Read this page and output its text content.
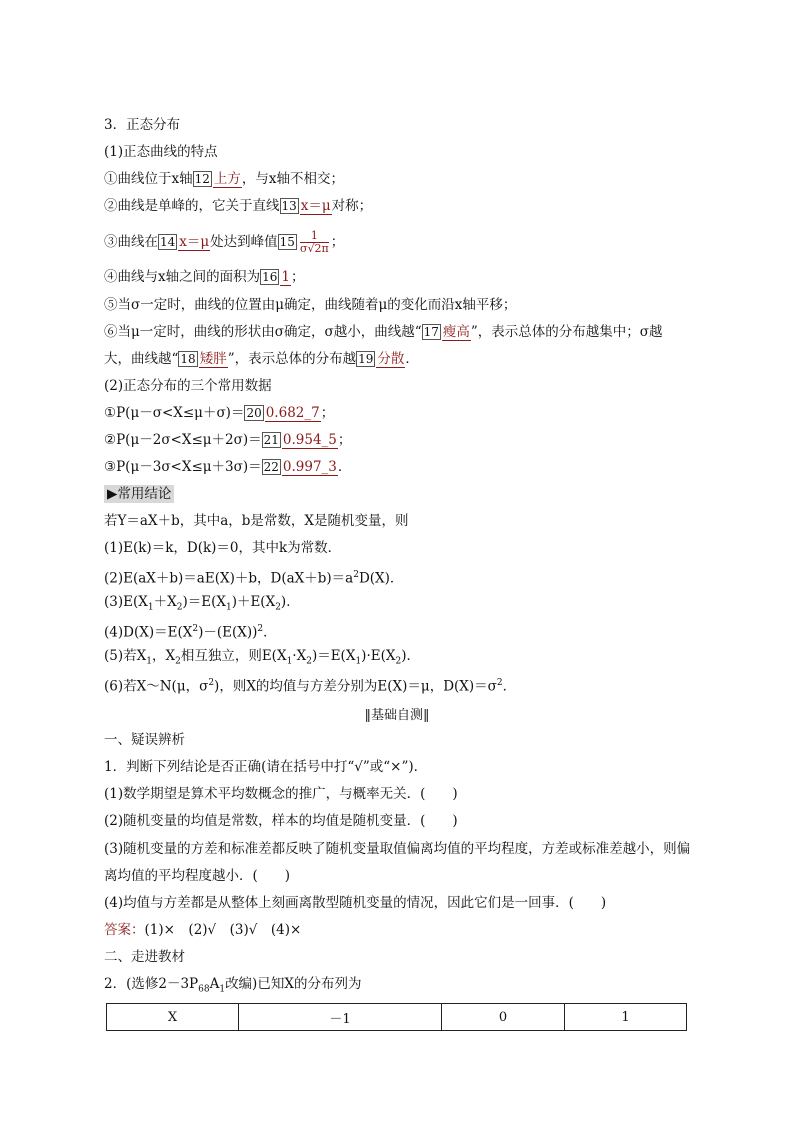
3．正态分布
(1)正态曲线的特点
①曲线位于x轴 12 上方，与x轴不相交；
②曲线是单峰的，它关于直线 13 x＝μ对称；
③曲线在 14 x＝μ处达到峰值 $15 \frac{1}{\sigma√2\pi}$ ；
④曲线与x轴之间的面积为 16 1；
⑤当σ一定时，曲线的位置由μ确定，曲线随着μ的变化而沿x轴平移；
⑥当μ一定时，曲线的形状由σ确定，σ越小，曲线越“ 17 瘦高”，表示总体的分布越集中；σ越
大，曲线越“ 18 矮胖”，表示总体的分布越 19 分散．
(2)正态分布的三个常用数据
①P(μ－σ<X≤μ＋σ)＝ 20 0.682_7；
②P(μ－2σ<X≤μ＋2σ)＝ 21 0.954_5；
③P(μ－3σ<X≤μ＋3σ)＝ 22 0.997_3．
▶常用结论
若Y＝aX＋b，其中a，b是常数，X是随机变量，则
(1)E(k)＝k，D(k)＝0，其中k为常数．
(2)E(aX＋b)＝aE(X)＋b，$D(aX+b)=a^2D(X)$．
$(3)E(X_1+X_2)=E(X_1)+E(X_2)$．
$(4)D(X)=E(X^2)-(E(X))^2$．
(5)若$X_1$，$X_2$相互独立，则$E(X_1\cdot X_2)=E(X_1)\cdot E(X_2)$．
(6)若X～N(μ，$\sigma^2$)，则X的均值与方差分别为E(X)＝μ，$D(X)=\sigma^2$．
‖基础自测‖
一、疑误辨析
1．判断下列结论是否正确(请在括号中打“√”或“×”)．
(1)数学期望是算术平均数概念的推广，与概率无关．(　　)
(2)随机变量的均值是常数，样本的均值是随机变量．(　　)
(3)随机变量的方差和标准差都反映了随机变量取值偏离均值的平均程度，方差或标准差越小，则偏
离均值的平均程度越小．(　　)
(4)均值与方差都是从整体上刻画离散型随机变量的情况，因此它们是一回事．(　　)
答案：(1)×　(2)√　(3)√　(4)×
二、走进教材
2．(选修$2-3P_{68}A_1$改编)已知X的分布列为
X	－1	0	1
